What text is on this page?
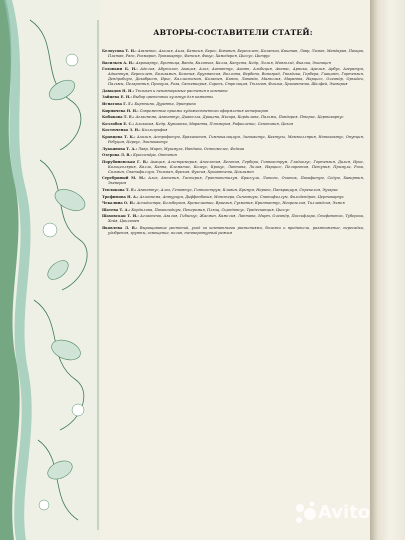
АВТОРЫ-СОСТАВИТЕЛИ СТАТЕЙ:
Белоусова Т. Н.: Агапетес, Азалия, Аила, Банксия, Берес, Бовиния, Бересклет, Каланхоэ, Каштан, Лавр, Лимон, Мандарин, Пахира, Платан, Рапс, Розмарин, Трахикарпус, Фатсия, Фикус, Хамедорея, Циссус, Цитрус
Васильев А. Н.: Акрокарпус, Бронница, Ванда, Каланхоэ, Калла, Капуста, Кедр, Лилия, Мангольд, Фиалка, Эхинацея
Головкин Б. Н.: Аделия, Абутилон, Акация, Алоэ, Агапантус, Акант, Альбиция, Ананас, Арника, Аралия, Арбуз, Агератум, Адиантум, Бересклет, Бальзамин, Бегония, Бругмансия, Валлота, Вербена, Виноград, Гвоздика, Гербера, Гиацинт, Гортензия, Дендробиум, Декабрист, Ирис, Каллистемон, Калатея, Канна, Лаванда, Магнолия, Маранта, Нарцисс, Олеандр, Орхидеи, Пальмы, Пеларгония, Примула, Роза, Сансевиерия, Сирень, Стрелиция, Тюльпан, Фиалка, Хризантема, Шалфей, Эхеверия
Давыдов Н. Н.: Тюльпан и неповторимые растения в комнате
Зайцева Е. Н.: Выбор цветочных культур для комнаты
Игнатова Г. Г.: Бирючина, Дурантa, Эритрина
Кирпичева Н. Н.: Современные приемы художественного оформления интерьеров
Кобякова Т. Е.: Аглаонема, Агапантус, Дианелла, Драцена, Иксора, Кордилина, Пальмы, Пандорея, Птерис, Цертокарпус
Козлобов Е. С.: Алоказия, Кедр, Кувшинка, Маранта, Плюмерия, Рафиолепис, Сапониния, Цезия
Костюченко З. Н.: Каллиграфия
Кравцова Т. К.: Азалия, Астрофитум, Бракихитон, Гимнокалициум, Зигокактус, Кактусы, Маммиллярия, Нотокактус, Опунция, Ребуция, Цереус, Эхинокактус
Лукьянова Т. А.: Лавр, Мирт, Мушмула, Нандина, Остеомелес, Фейхоа
Озерова Л. В.: Кроссандра, Оттония
Порубиновская Г. В.: Акация, Альстремерия, Ангелония, Бегония, Гербера, Гиппеаструм, Гладиолус, Гортензия, Далия, Ирис, Кальцеолярия, Калла, Канна, Клематис, Колеус, Крокус, Лантана, Лилия, Нарцисс, Пеларгония, Петуния, Примула, Роза, Сальвия, Спатифиллум, Тюльпан, Фрезия, Фуксия, Хризантема, Цикламен
Серебряный М. М.: Алоэ, Аптения, Гастерия, Граптопеталум, Крассула, Литопс, Очиток, Пахифитум, Седум, Хавортия, Эхеверия
Теплякова Т. Е.: Агапантус, Алоэ, Гемантус, Гиппеаструм, Кливия, Кринум, Нерине, Панкрациум, Спрекелия, Эухарис
Трофимова Н. А.: Аглаонема, Антуриум, Диффенбахия, Монстера, Сингониум, Спатифиллум, Филодендрон, Цертокарпус
Чекалина О. Н.: Аспидистра, Бильбергия, Бромелиевые, Вриезия, Гузмания, Криптантус, Неорегелия, Тилландсия, Эхмея
Шатева Т. А.: Кордилина, Пахипоидиум, Пеперомия, Плющ, Сциндапсус, Традесканция, Циссус
Шаховская Т. И.: Аглаонема, Азалия, Гибискус, Жасмин, Камелия, Лантана, Мирт, Олеандр, Пассифлора, Стефанотис, Туберозa, Хойя, Цикламен
Яковлева Л. В.: Выращивание растений, уход за комнатными растениями, болезни и вредители, размножение, пересадка, удобрения, грунты, освещение, полив, температурный режим
Avito
